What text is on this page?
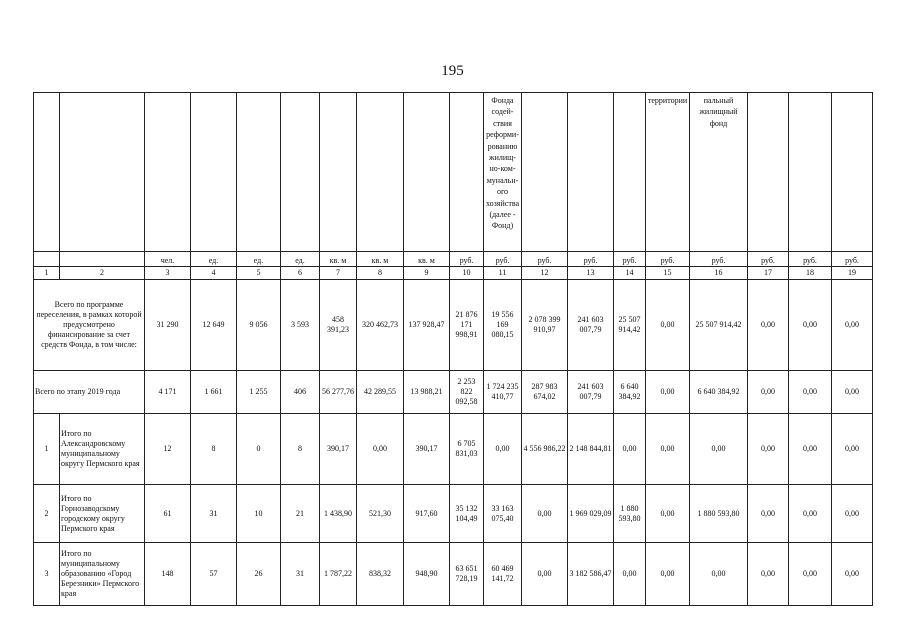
195
										Фонда содей-ствия реформи-рованию жилищ-но-ком-мунальн-ого хозяйства (далее - Фонд)				территории	пальный жилищный фонд			
		чел.	ед.	ед.	ед.	кв. м	кв. м	кв. м	руб.	руб.	руб.	руб.	руб.	руб.	руб.	руб.	руб.	руб.
1	2	3	4	5	6	7	8	9	10	11	12	13	14	15	16	17	18	19
Всего по программе переселения, в рамках которой предусмотрено финансирование за счет средств Фонда, в том числе:		31 290	12 649	9 056	3 593	458 391,23	320 462,73	137 928,47	21 876 171 998,91	19 556 169 080,15	2 078 399 910,97	241 603 007,79	25 507 914,42	0,00	25 507 914,42	0,00	0,00	0,00
Всего по этапу 2019 года		4 171	1 661	1 255	406	56 277,76	42 289,55	13 988,21	2 253 822 092,58	1 724 235 410,77	287 983 674,02	241 603 007,79	6 640 384,92	0,00	6 640 384,92	0,00	0,00	0,00
1	Итого по Александровскому муниципальному округу Пермского края	12	8	0	8	390,17	0,00	390,17	6 705 831,03	0,00	4 556 986,22	2 148 844,81	0,00	0,00	0,00	0,00	0,00	0,00
2	Итого по Горнозаводскому городскому округу Пермского края	61	31	10	21	1 438,90	521,30	917,60	35 132 104,49	33 163 075,40	0,00	1 969 029,09	1 880 593,80	0,00	1 880 593,80	0,00	0,00	0,00
3	Итого по муниципальному образованию «Город Березники» Пермского края	148	57	26	31	1 787,22	838,32	948,90	63 651 728,19	60 469 141,72	0,00	3 182 586,47	0,00	0,00	0,00	0,00	0,00	0,00
